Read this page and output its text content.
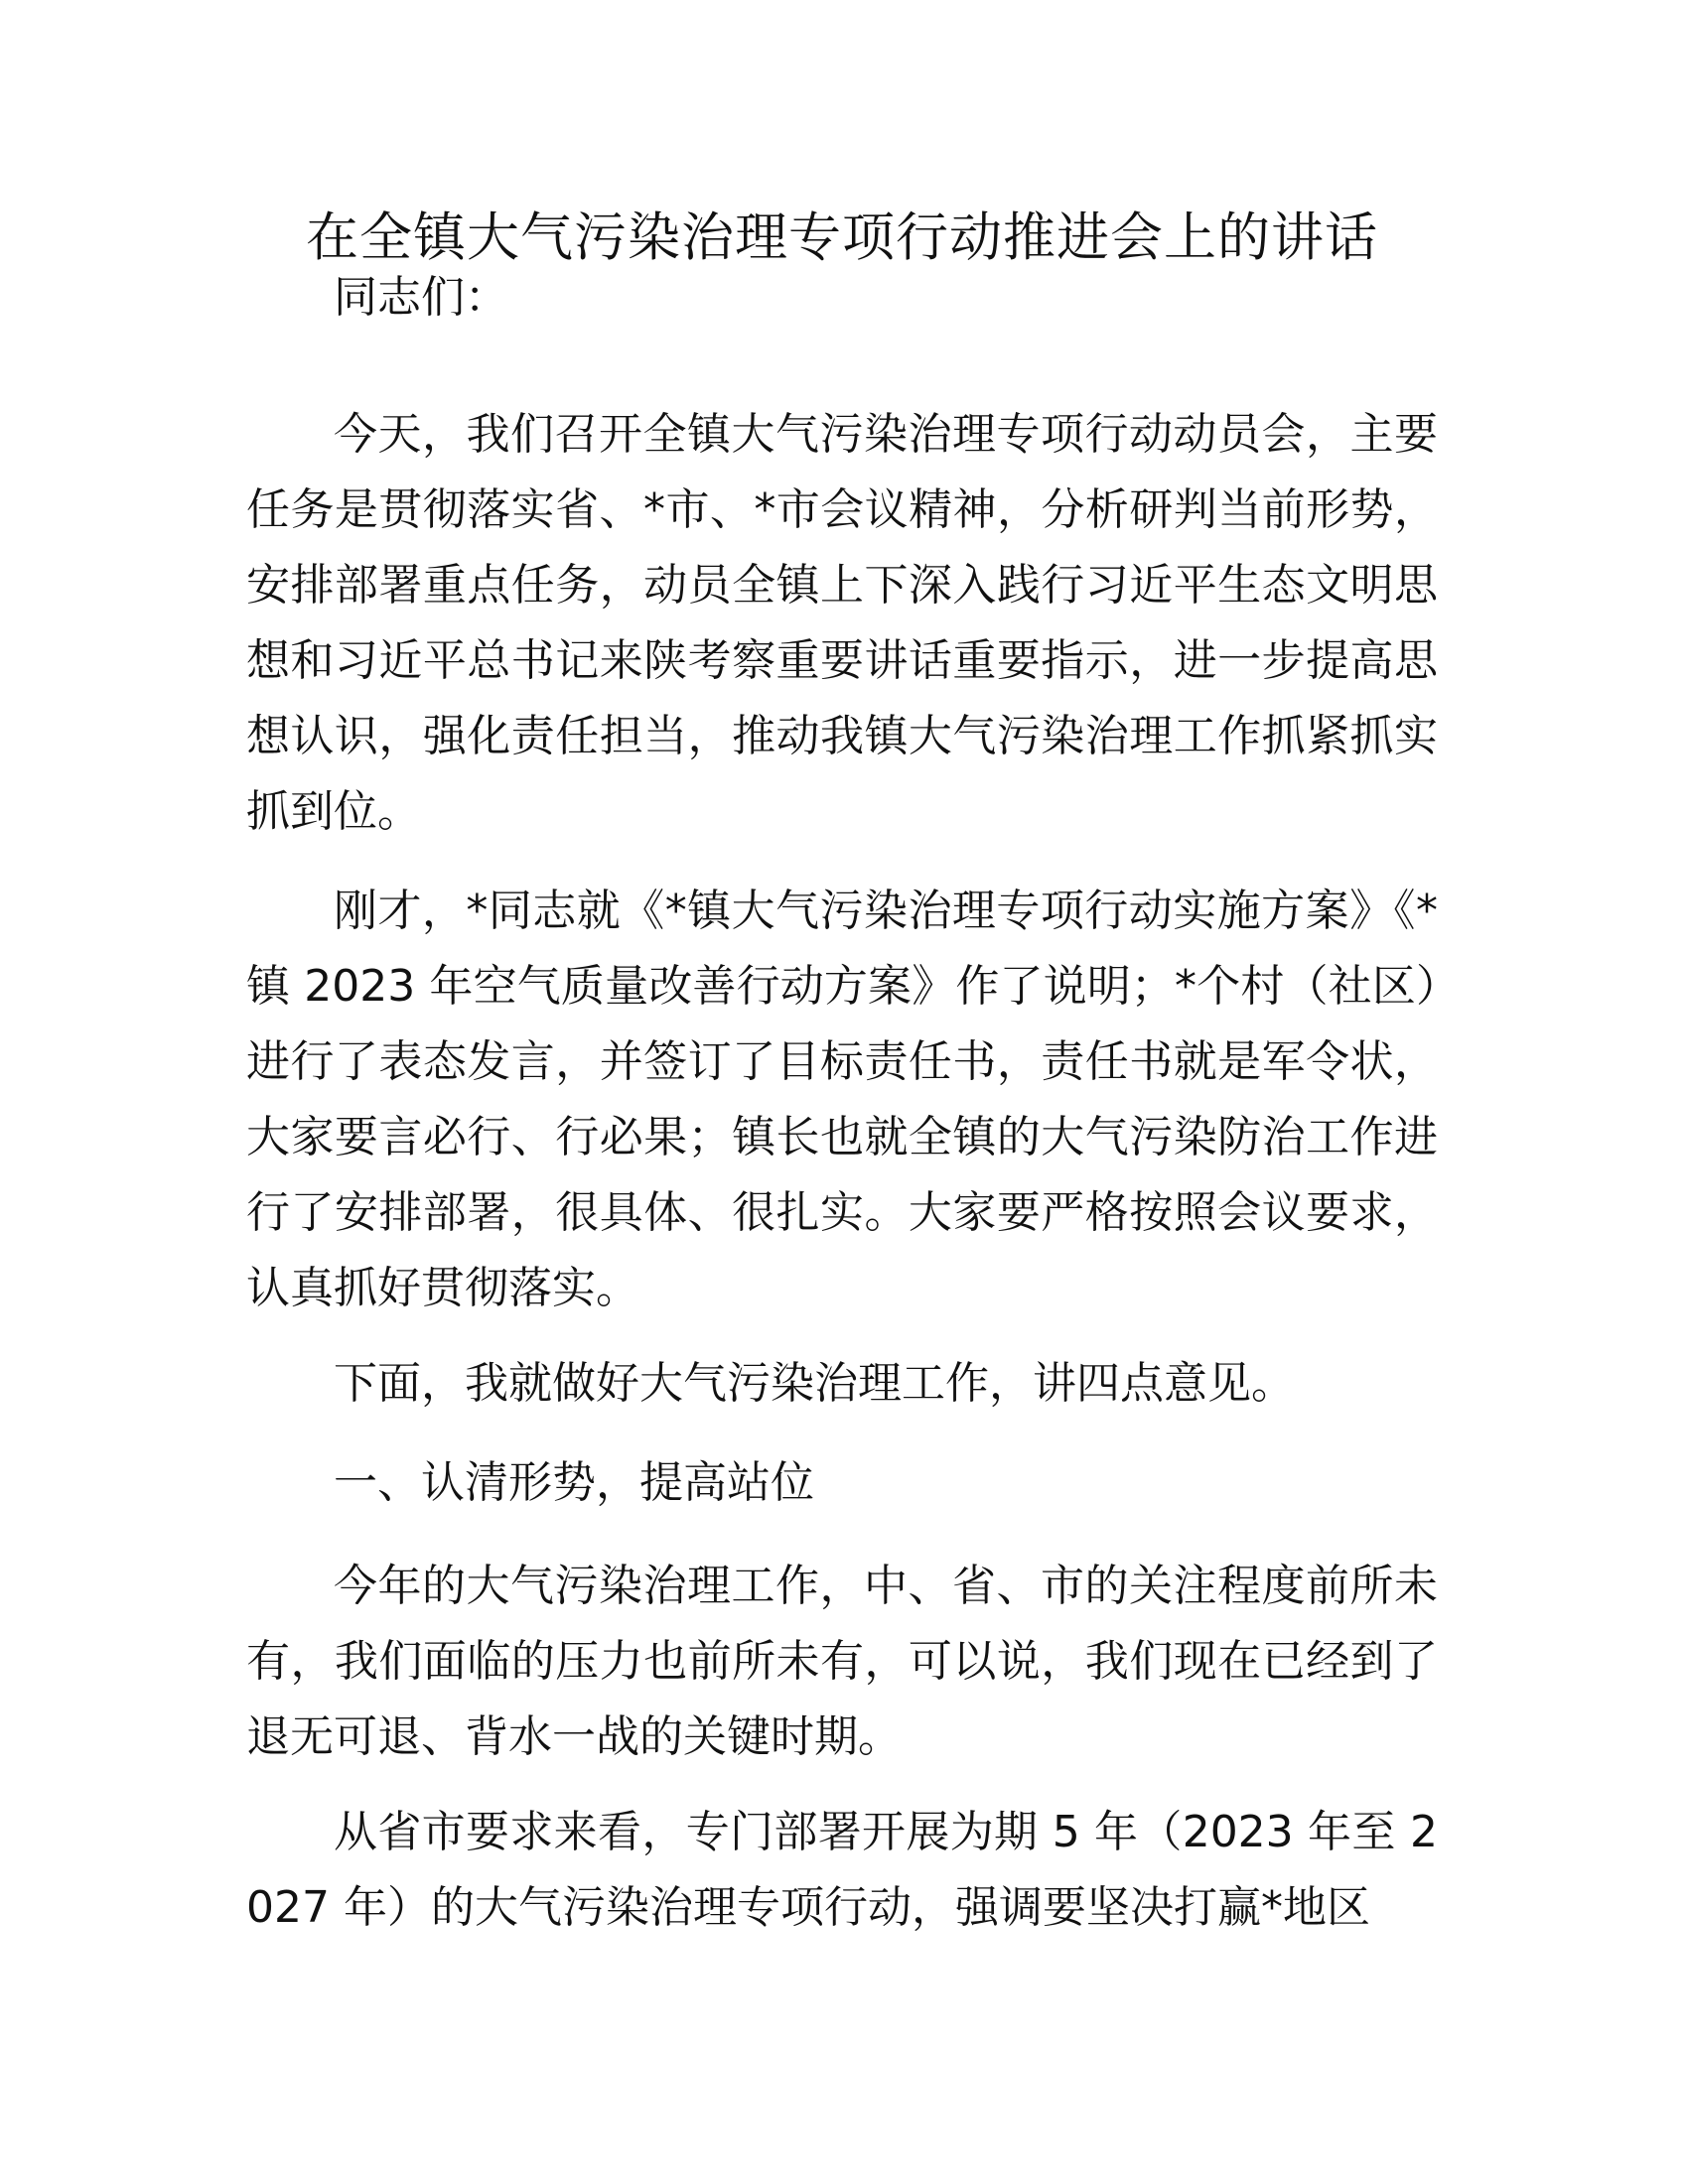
在全镇大气污染治理专项行动推进会上的讲话

同志们：

今天，我们召开全镇大气污染治理专项行动动员会，主要任务是贯彻落实省、*市、*市会议精神，分析研判当前形势，安排部署重点任务，动员全镇上下深入践行习近平生态文明思想和习近平总书记来陕考察重要讲话重要指示，进一步提高思想认识，强化责任担当，推动我镇大气污染治理工作抓紧抓实抓到位。

刚才，*同志就《*镇大气污染治理专项行动实施方案》《*镇 2023 年空气质量改善行动方案》作了说明；*个村（社区）进行了表态发言，并签订了目标责任书，责任书就是军令状，大家要言必行、行必果；镇长也就全镇的大气污染防治工作进行了安排部署，很具体、很扎实。大家要严格按照会议要求，认真抓好贯彻落实。

下面，我就做好大气污染治理工作，讲四点意见。

一、认清形势，提高站位

今年的大气污染治理工作，中、省、市的关注程度前所未有，我们面临的压力也前所未有，可以说，我们现在已经到了退无可退、背水一战的关键时期。

从省市要求来看，专门部署开展为期 5 年（2023 年至 2027 年）的大气污染治理专项行动，强调要坚决打赢*地区
